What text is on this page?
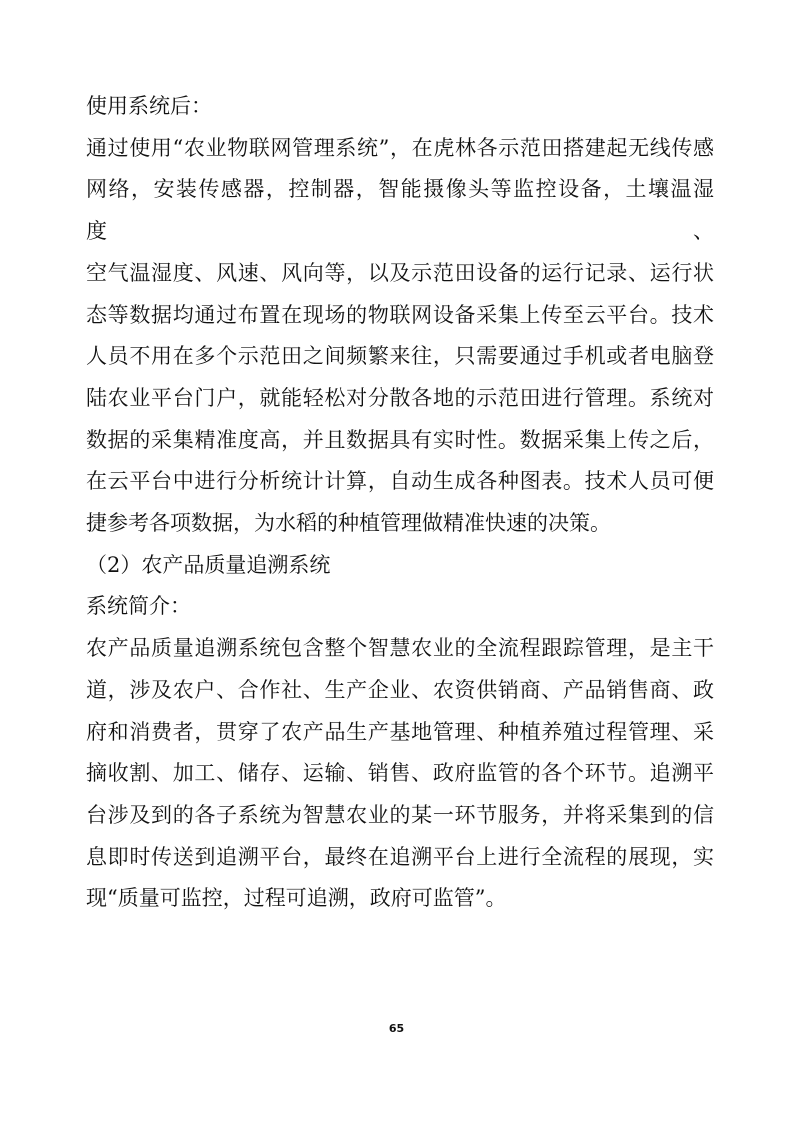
使用系统后：
通过使用“农业物联网管理系统”，在虎林各示范田搭建起无线传感
网络，安装传感器，控制器，智能摄像头等监控设备，土壤温湿度、
空气温湿度、风速、风向等，以及示范田设备的运行记录、运行状
态等数据均通过布置在现场的物联网设备采集上传至云平台。技术
人员不用在多个示范田之间频繁来往，只需要通过手机或者电脑登
陆农业平台门户，就能轻松对分散各地的示范田进行管理。系统对
数据的采集精准度高，并且数据具有实时性。数据采集上传之后，
在云平台中进行分析统计计算，自动生成各种图表。技术人员可便
捷参考各项数据，为水稻的种植管理做精准快速的决策。
（2）农产品质量追溯系统
系统简介：
农产品质量追溯系统包含整个智慧农业的全流程跟踪管理，是主干
道，涉及农户、合作社、生产企业、农资供销商、产品销售商、政
府和消费者，贯穿了农产品生产基地管理、种植养殖过程管理、采
摘收割、加工、储存、运输、销售、政府监管的各个环节。追溯平
台涉及到的各子系统为智慧农业的某一环节服务，并将采集到的信
息即时传送到追溯平台，最终在追溯平台上进行全流程的展现，实
现“质量可监控，过程可追溯，政府可监管”。
65
